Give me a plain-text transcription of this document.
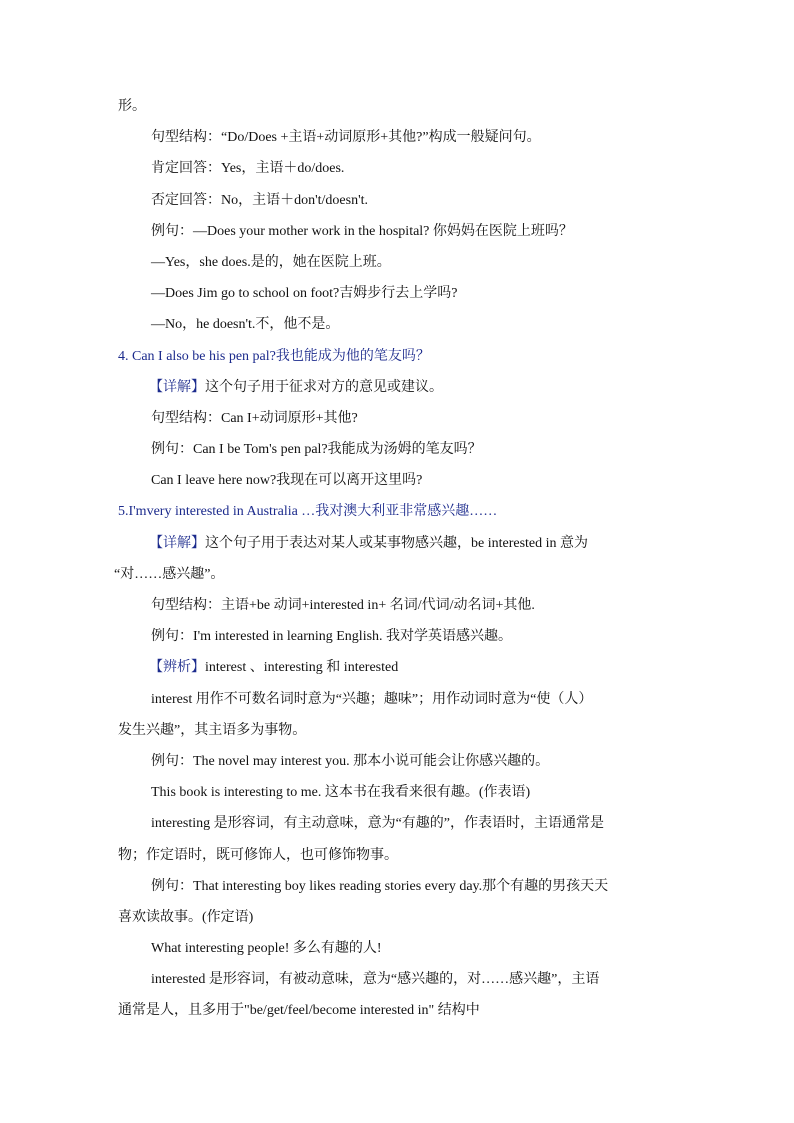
形。
句型结构：“Do/Does +主语+动词原形+其他?”构成一般疑问句。
肯定回答：Yes，主语＋do/does.
否定回答：No，主语＋don't/doesn't.
例句：—Does your mother work in the hospital? 你妈妈在医院上班吗？
—Yes，she does.是的，她在医院上班。
—Does Jim go to school on foot?吉姆步行去上学吗?
—No，he doesn't.不，他不是。
4. Can I also be his pen pal?我也能成为他的笔友吗？
【详解】这个句子用于征求对方的意见或建议。
句型结构：Can I+动词原形+其他?
例句：Can I be Tom's pen pal?我能成为汤姆的笔友吗？
Can I leave here now?我现在可以离开这里吗?
5.I'mvery interested in Australia …我对澳大利亚非常感兴趣……
【详解】这个句子用于表达对某人或某事物感兴趣，be interested in 意为
“对……感兴趣”。
句型结构：主语+be 动词+interested in+ 名词/代词/动名词+其他.
例句：I'm interested in learning English. 我对学英语感兴趣。
【辨析】interest 、interesting 和 interested
interest 用作不可数名词时意为“兴趣；趣味”；用作动词时意为“使（人）
发生兴趣”，其主语多为事物。
例句：The novel may interest you. 那本小说可能会让你感兴趣的。
This book is interesting to me. 这本书在我看来很有趣。(作表语)
interesting 是形容词，有主动意味，意为“有趣的”，作表语时，主语通常是
物；作定语时，既可修饰人，也可修饰物事。
例句：That interesting boy likes reading stories every day.那个有趣的男孩天天
喜欢读故事。(作定语)
What interesting people! 多么有趣的人!
interested 是形容词，有被动意味，意为“感兴趣的，对……感兴趣”，主语
通常是人，且多用于"be/get/feel/become interested in" 结构中
